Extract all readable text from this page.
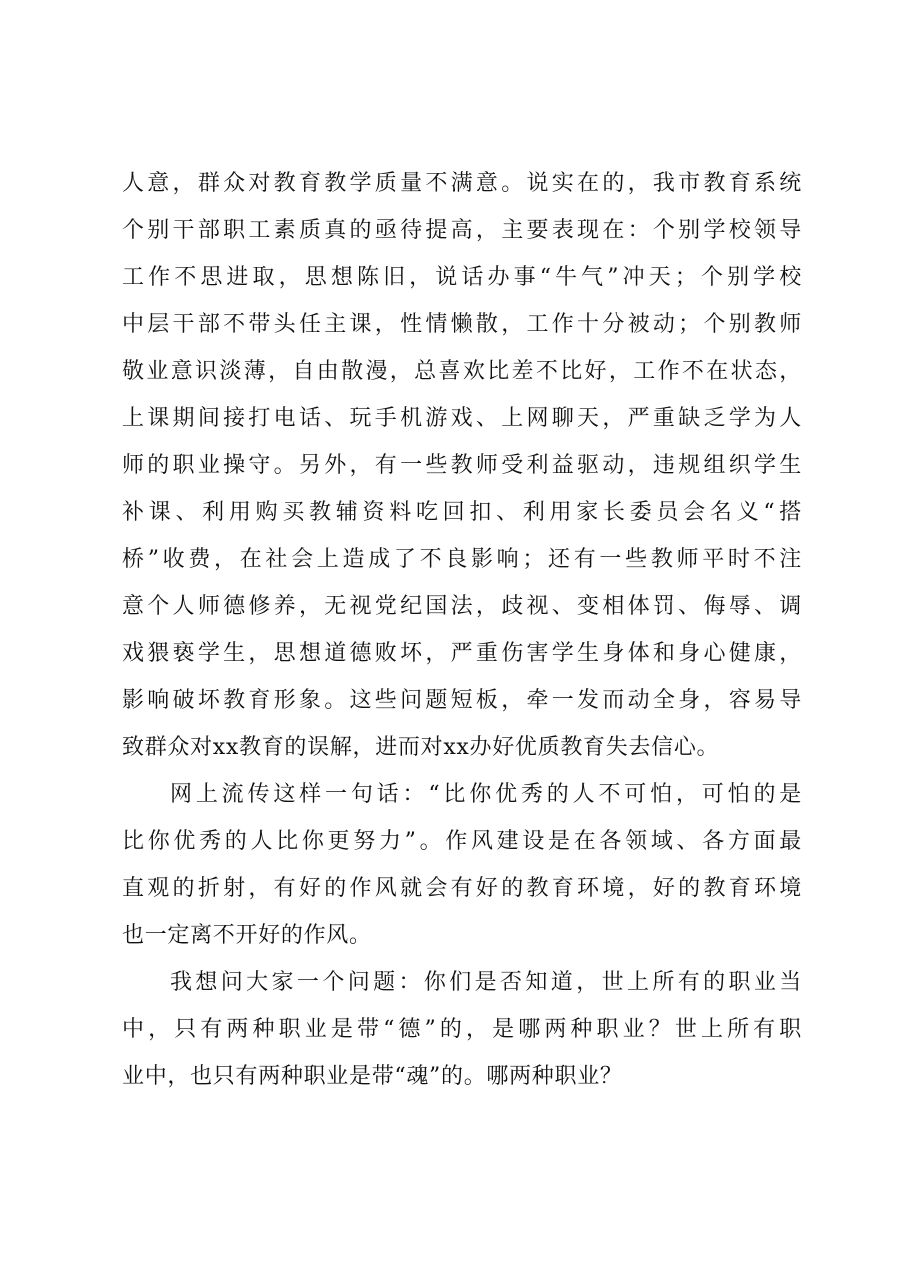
人意，群众对教育教学质量不满意。说实在的，我市教育系统
个别干部职工素质真的亟待提高，主要表现在：个别学校领导
工作不思进取，思想陈旧，说话办事“牛气”冲天；个别学校
中层干部不带头任主课，性情懒散，工作十分被动；个别教师
敬业意识淡薄，自由散漫，总喜欢比差不比好，工作不在状态，
上课期间接打电话、玩手机游戏、上网聊天，严重缺乏学为人
师的职业操守。另外，有一些教师受利益驱动，违规组织学生
补课、利用购买教辅资料吃回扣、利用家长委员会名义“搭
桥”收费，在社会上造成了不良影响；还有一些教师平时不注
意个人师德修养，无视党纪国法，歧视、变相体罚、侮辱、调
戏猥亵学生，思想道德败坏，严重伤害学生身体和身心健康，
影响破坏教育形象。这些问题短板，牵一发而动全身，容易导
致群众对xx教育的误解，进而对xx办好优质教育失去信心。
网上流传这样一句话：“比你优秀的人不可怕，可怕的是
比你优秀的人比你更努力”。作风建设是在各领域、各方面最
直观的折射，有好的作风就会有好的教育环境，好的教育环境
也一定离不开好的作风。
我想问大家一个问题：你们是否知道，世上所有的职业当
中，只有两种职业是带“德”的，是哪两种职业？世上所有职
业中，也只有两种职业是带“魂”的。哪两种职业？
